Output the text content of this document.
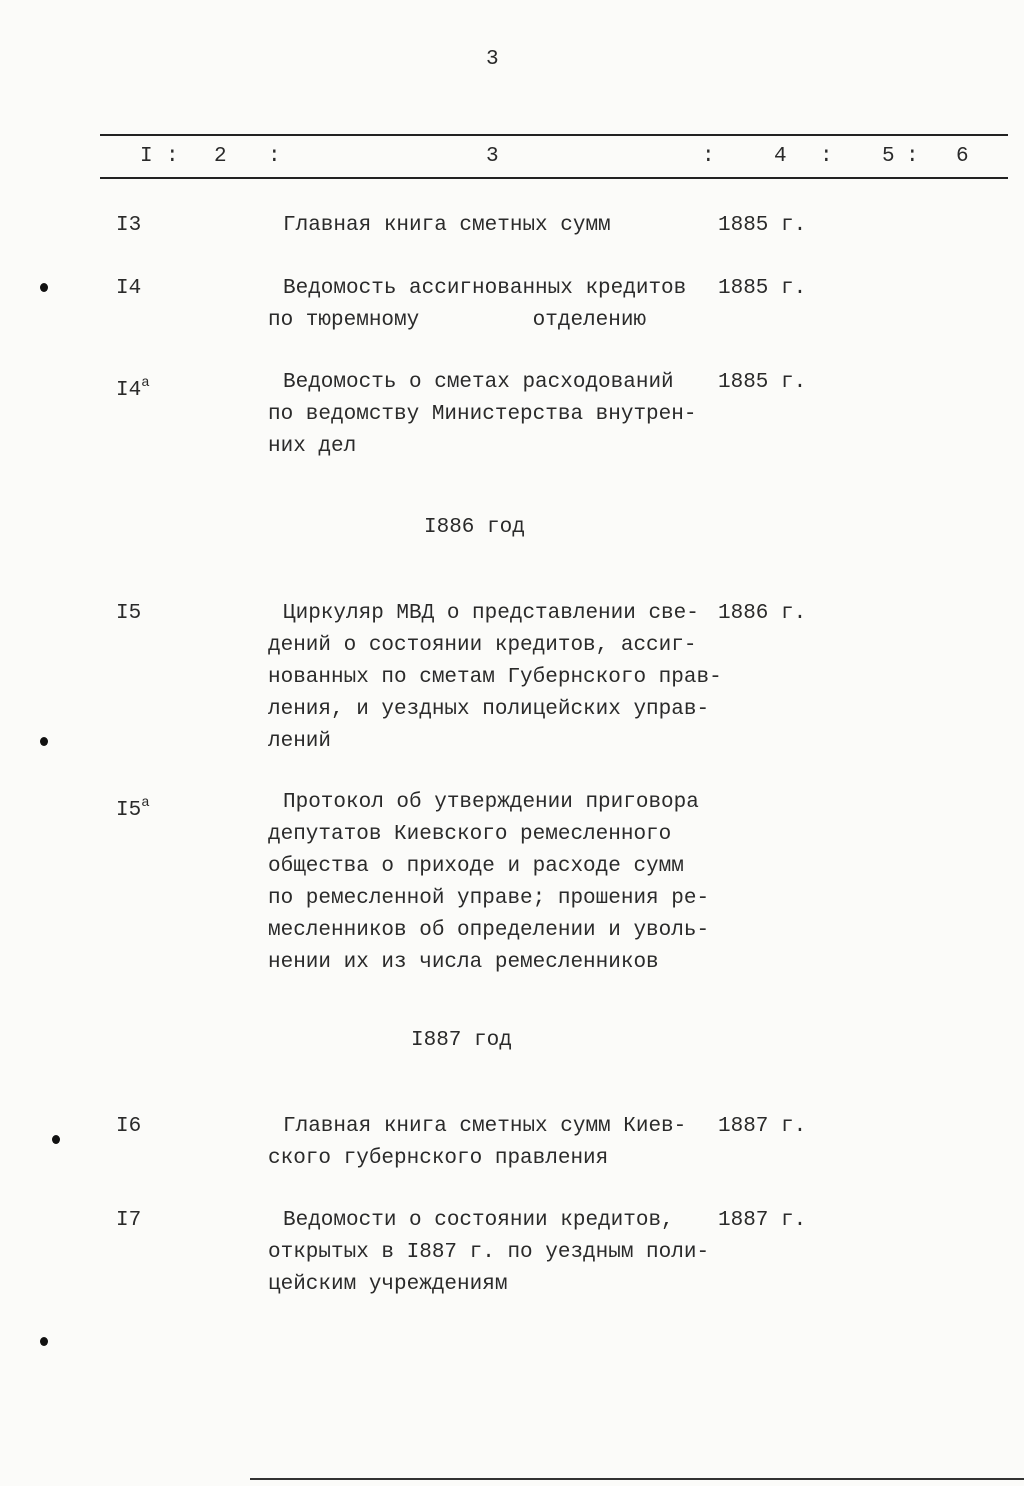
3
I : 2 :	3	:	4 : 5 : 6
I3	Главная книга сметных сумм	1885 г.
I4	Ведомость ассигнованных кредитов
по тюремному         отделению
1885 г.
$I4^а$	Ведомость о сметах расходований
по ведомству Министерства внутрен-
них дел
1885 г.
I5	Циркуляр МВД о представлении све-
дений о состоянии кредитов, ассиг-
нованных по сметам Губернского прав-
ления, и уездных полицейских управ-
лений
1886 г.
$I5^а$	Протокол об утверждении приговора
депутатов Киевского ремесленного
общества о приходе и расходе сумм
по ремесленной управе; прошения ре-
месленников об определении и уволь-
нении их из числа ремесленников
I6	Главная книга сметных сумм Киев-
ского губернского правления
1887 г.
I7	Ведомости о состоянии кредитов,
открытых в I887 г. по уездным поли-
цейским учреждениям
1887 г.
I886 год
I887 год
